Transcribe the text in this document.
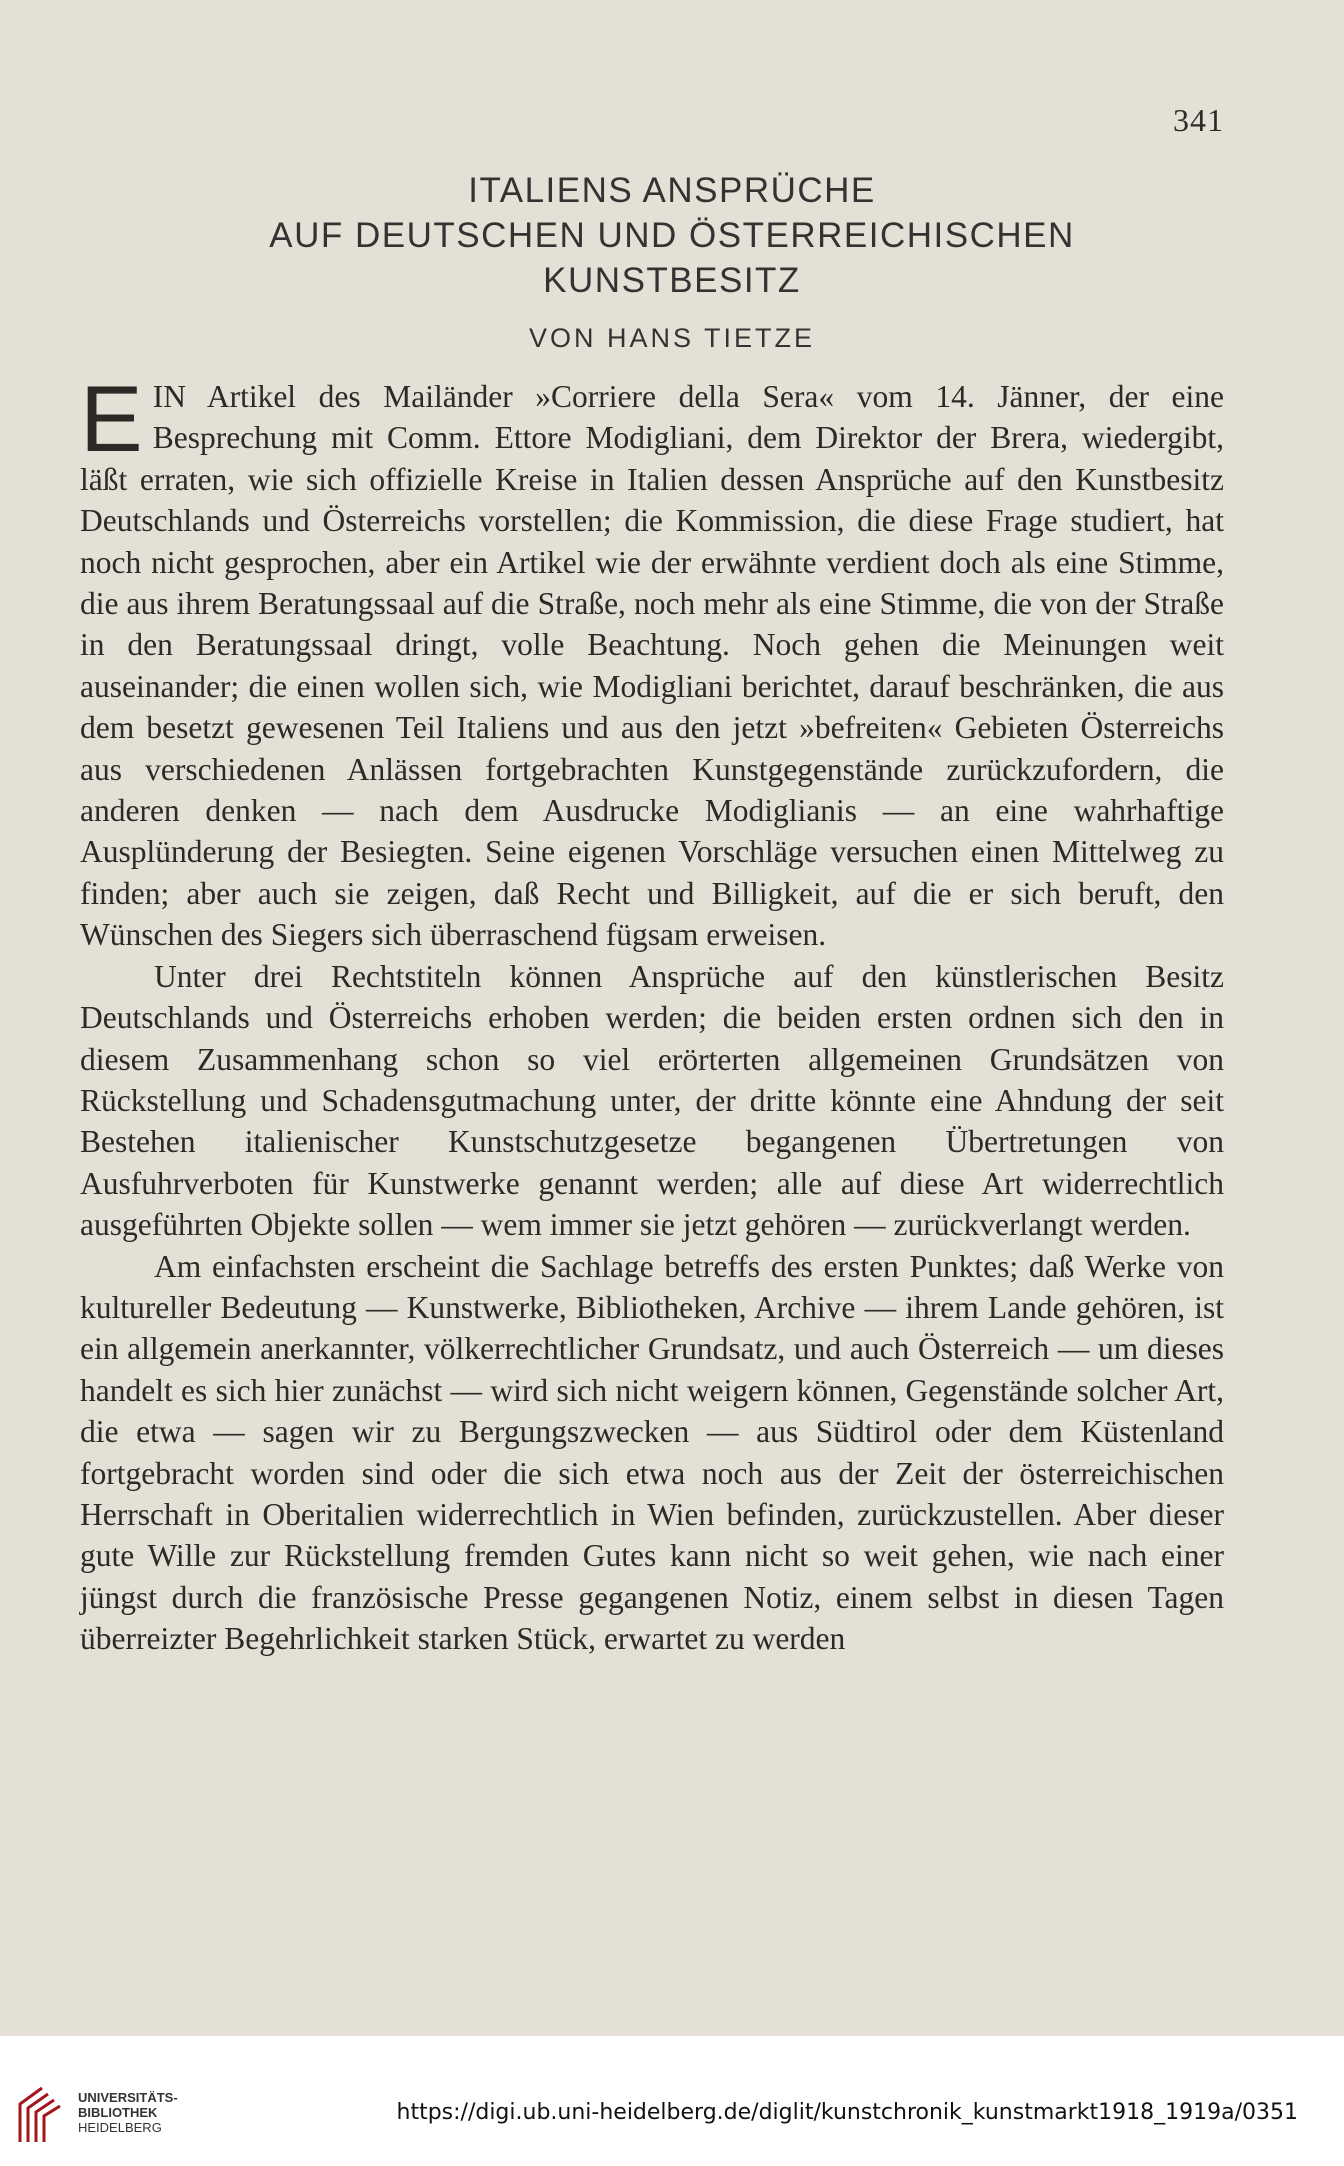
341
ITALIENS ANSPRÜCHE
AUF DEUTSCHEN UND ÖSTERREICHISCHEN
KUNSTBESITZ
VON HANS TIETZE

EIN Artikel des Mailänder »Corriere della Sera« vom 14. Jänner, der eine Besprechung mit Comm. Ettore Modigliani, dem Direktor der Brera, wiedergibt, läßt erraten, wie sich offizielle Kreise in Italien dessen Ansprüche auf den Kunstbesitz Deutschlands und Österreichs vorstellen; die Kommission, die diese Frage studiert, hat noch nicht gesprochen, aber ein Artikel wie der erwähnte verdient doch als eine Stimme, die aus ihrem Beratungssaal auf die Straße, noch mehr als eine Stimme, die von der Straße in den Beratungssaal dringt, volle Beachtung. Noch gehen die Meinungen weit auseinander; die einen wollen sich, wie Modigliani berichtet, darauf beschränken, die aus dem besetzt gewesenen Teil Italiens und aus den jetzt »befreiten« Gebieten Österreichs aus verschiedenen Anlässen fortgebrachten Kunstgegenstände zurückzufordern, die anderen denken — nach dem Ausdrucke Modiglianis — an eine wahrhaftige Ausplünderung der Besiegten. Seine eigenen Vorschläge versuchen einen Mittelweg zu finden; aber auch sie zeigen, daß Recht und Billigkeit, auf die er sich beruft, den Wünschen des Siegers sich überraschend fügsam erweisen.

Unter drei Rechtstiteln können Ansprüche auf den künstlerischen Besitz Deutschlands und Österreichs erhoben werden; die beiden ersten ordnen sich den in diesem Zusammenhang schon so viel erörterten allgemeinen Grundsätzen von Rückstellung und Schadensgutmachung unter, der dritte könnte eine Ahndung der seit Bestehen italienischer Kunstschutzgesetze begangenen Übertretungen von Ausfuhrverboten für Kunstwerke genannt werden; alle auf diese Art widerrechtlich ausgeführten Objekte sollen — wem immer sie jetzt gehören — zurückverlangt werden.

Am einfachsten erscheint die Sachlage betreffs des ersten Punktes; daß Werke von kultureller Bedeutung — Kunstwerke, Bibliotheken, Archive — ihrem Lande gehören, ist ein allgemein anerkannter, völkerrechtlicher Grundsatz, und auch Österreich — um dieses handelt es sich hier zunächst — wird sich nicht weigern können, Gegenstände solcher Art, die etwa — sagen wir zu Bergungszwecken — aus Südtirol oder dem Küstenland fortgebracht worden sind oder die sich etwa noch aus der Zeit der österreichischen Herrschaft in Oberitalien widerrechtlich in Wien befinden, zurückzustellen. Aber dieser gute Wille zur Rückstellung fremden Gutes kann nicht so weit gehen, wie nach einer jüngst durch die französische Presse gegangenen Notiz, einem selbst in diesen Tagen überreizter Begehrlichkeit starken Stück, erwartet zu werden

UNIVERSITÄTS-
BIBLIOTHEK
HEIDELBERG
https://digi.ub.uni-heidelberg.de/diglit/kunstchronik_kunstmarkt1918_1919a/0351
